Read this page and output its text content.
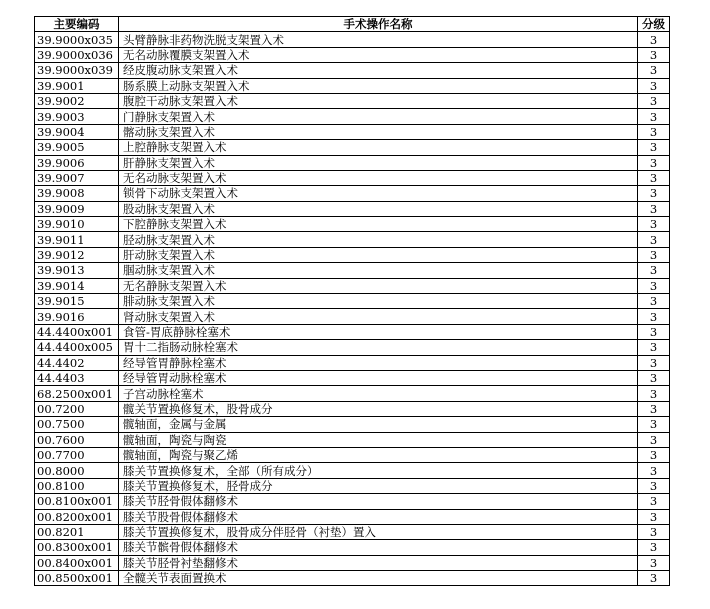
主要编码	手术操作名称	分级
39.9000x035	头臂静脉非药物洗脱支架置入术	3
39.9000x036	无名动脉覆膜支架置入术	3
39.9000x039	经皮腹动脉支架置入术	3
39.9001	肠系膜上动脉支架置入术	3
39.9002	腹腔干动脉支架置入术	3
39.9003	门静脉支架置入术	3
39.9004	髂动脉支架置入术	3
39.9005	上腔静脉支架置入术	3
39.9006	肝静脉支架置入术	3
39.9007	无名动脉支架置入术	3
39.9008	锁骨下动脉支架置入术	3
39.9009	股动脉支架置入术	3
39.9010	下腔静脉支架置入术	3
39.9011	胫动脉支架置入术	3
39.9012	肝动脉支架置入术	3
39.9013	腘动脉支架置入术	3
39.9014	无名静脉支架置入术	3
39.9015	腓动脉支架置入术	3
39.9016	肾动脉支架置入术	3
44.4400x001	食管-胃底静脉栓塞术	3
44.4400x005	胃十二指肠动脉栓塞术	3
44.4402	经导管胃静脉栓塞术	3
44.4403	经导管胃动脉栓塞术	3
68.2500x001	子宫动脉栓塞术	3
00.7200	髋关节置换修复术，股骨成分	3
00.7500	髋轴面，金属与金属	3
00.7600	髋轴面，陶瓷与陶瓷	3
00.7700	髋轴面，陶瓷与聚乙烯	3
00.8000	膝关节置换修复术，全部（所有成分）	3
00.8100	膝关节置换修复术，胫骨成分	3
00.8100x001	膝关节胫骨假体翻修术	3
00.8200x001	膝关节股骨假体翻修术	3
00.8201	膝关节置换修复术，股骨成分伴胫骨（衬垫）置入	3
00.8300x001	膝关节髌骨假体翻修术	3
00.8400x001	膝关节胫骨衬垫翻修术	3
00.8500x001	全髋关节表面置换术	3
